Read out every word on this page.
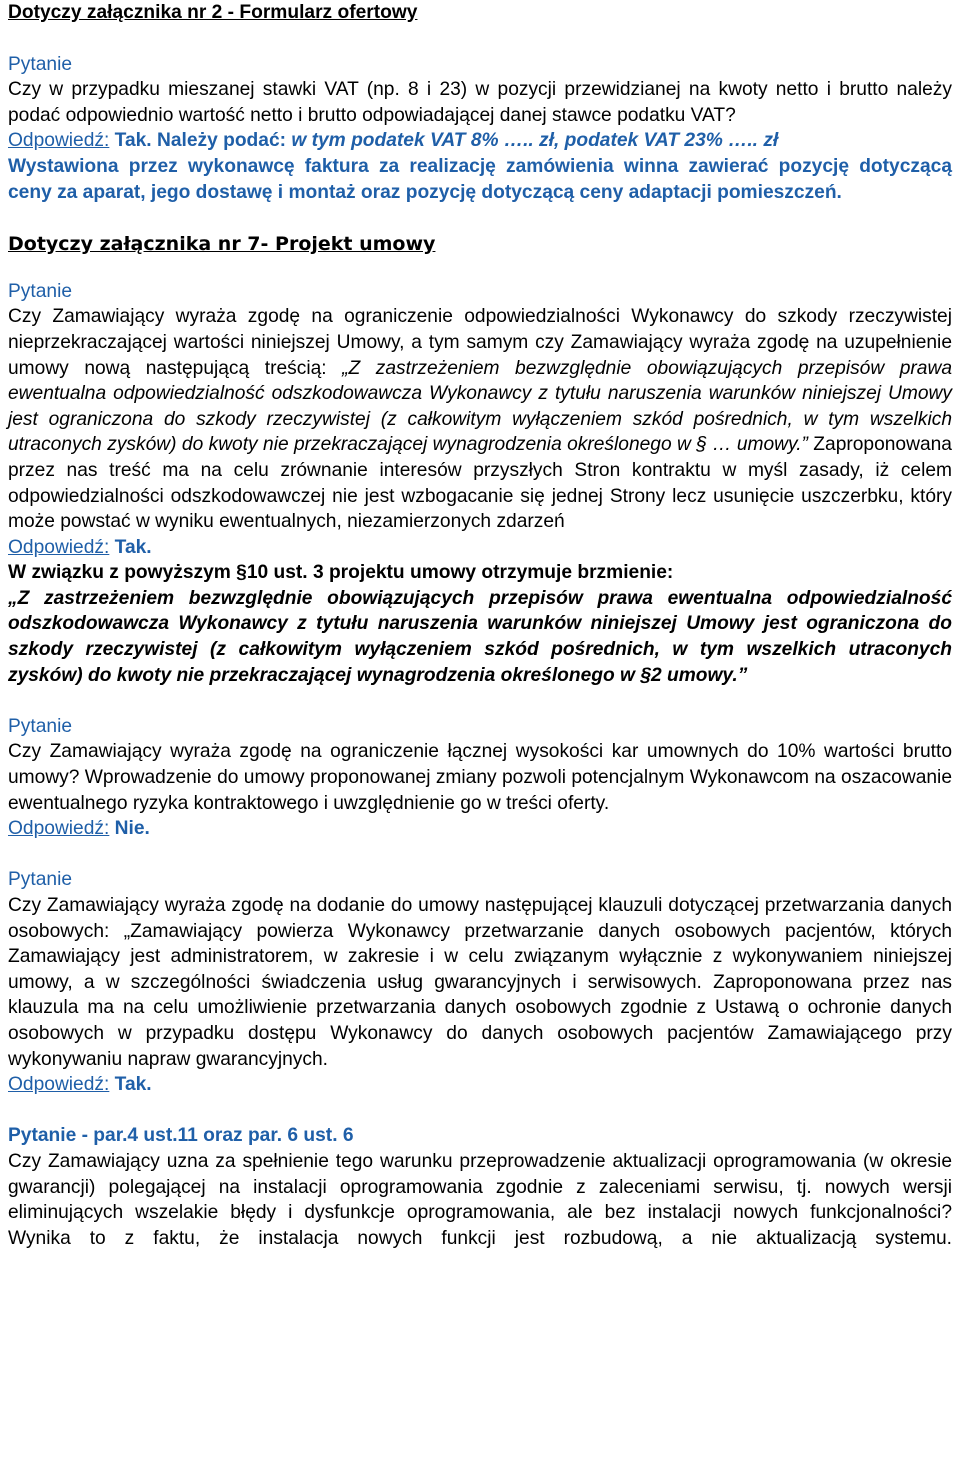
Dotyczy załącznika nr 2 - Formularz ofertowy

Pytanie

Czy w przypadku mieszanej stawki VAT (np. 8 i 23) w pozycji przewidzianej na kwoty netto i brutto należy podać odpowiednio wartość netto i brutto odpowiadającej danej stawce podatku VAT?

Odpowiedź: Tak. Należy podać: w tym podatek VAT 8% ….. zł, podatek VAT 23% ….. zł

Wystawiona przez wykonawcę faktura za realizację zamówienia winna zawierać pozycję dotyczącą ceny za aparat, jego dostawę i montaż oraz pozycję dotyczącą ceny adaptacji pomieszczeń.

Dotyczy załącznika nr 7- Projekt umowy

Pytanie

Czy Zamawiający wyraża zgodę na ograniczenie odpowiedzialności Wykonawcy do szkody rzeczywistej nieprzekraczającej wartości niniejszej Umowy, a tym samym czy Zamawiający wyraża zgodę na uzupełnienie umowy nową następującą treścią: „Z zastrzeżeniem bezwzględnie obowiązujących przepisów prawa ewentualna odpowiedzialność odszkodowawcza Wykonawcy z tytułu naruszenia warunków niniejszej Umowy jest ograniczona do szkody rzeczywistej (z całkowitym wyłączeniem szkód pośrednich, w tym wszelkich utraconych zysków) do kwoty nie przekraczającej wynagrodzenia określonego w § … umowy.” Zaproponowana przez nas treść ma na celu zrównanie interesów przyszłych Stron kontraktu w myśl zasady, iż celem odpowiedzialności odszkodowawczej nie jest wzbogacanie się jednej Strony lecz usunięcie uszczerbku, który może powstać w wyniku ewentualnych, niezamierzonych zdarzeń

Odpowiedź: Tak.

W związku z powyższym §10 ust. 3 projektu umowy otrzymuje brzmienie:

„Z zastrzeżeniem bezwzględnie obowiązujących przepisów prawa ewentualna odpowiedzialność odszkodowawcza Wykonawcy z tytułu naruszenia warunków niniejszej Umowy jest ograniczona do szkody rzeczywistej (z całkowitym wyłączeniem szkód pośrednich, w tym wszelkich utraconych zysków) do kwoty nie przekraczającej wynagrodzenia określonego w §2 umowy.”

Pytanie

Czy Zamawiający wyraża zgodę na ograniczenie łącznej wysokości kar umownych do 10% wartości brutto umowy? Wprowadzenie do umowy proponowanej zmiany pozwoli potencjalnym Wykonawcom na oszacowanie ewentualnego ryzyka kontraktowego i uwzględnienie go w treści oferty.

Odpowiedź: Nie.

Pytanie

Czy Zamawiający wyraża zgodę na dodanie do umowy następującej klauzuli dotyczącej przetwarzania danych osobowych: „Zamawiający powierza Wykonawcy przetwarzanie danych osobowych pacjentów, których Zamawiający jest administratorem, w zakresie i w celu związanym wyłącznie z wykonywaniem niniejszej umowy, a w szczególności świadczenia usług gwarancyjnych i serwisowych. Zaproponowana przez nas klauzula ma na celu umożliwienie przetwarzania danych osobowych zgodnie z Ustawą o ochronie danych osobowych w przypadku dostępu Wykonawcy do danych osobowych pacjentów Zamawiającego przy wykonywaniu napraw gwarancyjnych.

Odpowiedź: Tak.

Pytanie - par.4 ust.11 oraz par. 6 ust. 6

Czy Zamawiający uzna za spełnienie tego warunku przeprowadzenie aktualizacji oprogramowania (w okresie gwarancji) polegającej na instalacji oprogramowania zgodnie z zaleceniami serwisu, tj. nowych wersji eliminujących wszelakie błędy i dysfunkcje oprogramowania, ale bez instalacji nowych funkcjonalności? Wynika to z faktu, że instalacja nowych funkcji jest rozbudową, a nie aktualizacją systemu.
